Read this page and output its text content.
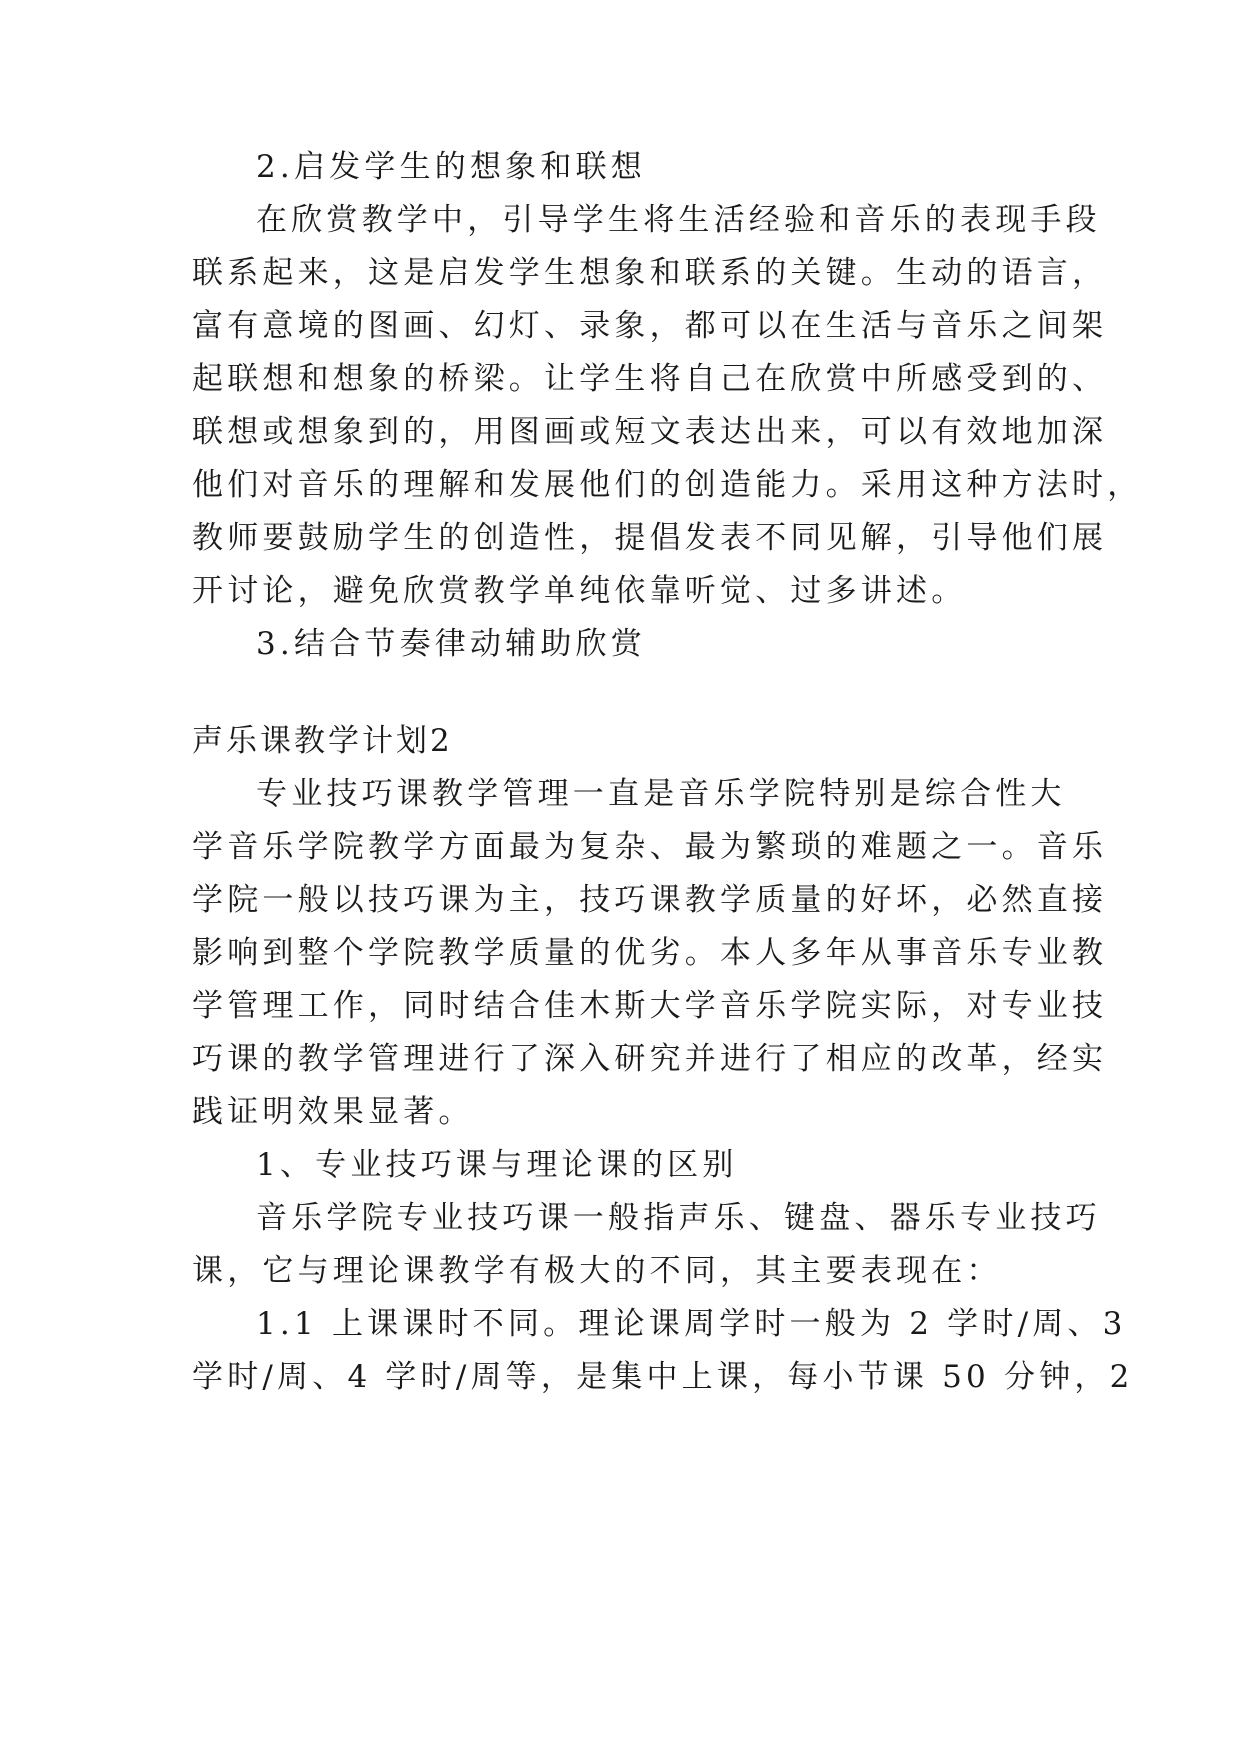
2.启发学生的想象和联想
在欣赏教学中，引导学生将生活经验和音乐的表现手段
联系起来，这是启发学生想象和联系的关键。生动的语言，
富有意境的图画、幻灯、录象，都可以在生活与音乐之间架
起联想和想象的桥梁。让学生将自己在欣赏中所感受到的、
联想或想象到的，用图画或短文表达出来，可以有效地加深
他们对音乐的理解和发展他们的创造能力。采用这种方法时，
教师要鼓励学生的创造性，提倡发表不同见解，引导他们展
开讨论，避免欣赏教学单纯依靠听觉、过多讲述。
3.结合节奏律动辅助欣赏
声乐课教学计划2
专业技巧课教学管理一直是音乐学院特别是综合性大
学音乐学院教学方面最为复杂、最为繁琐的难题之一。音乐
学院一般以技巧课为主，技巧课教学质量的好坏，必然直接
影响到整个学院教学质量的优劣。本人多年从事音乐专业教
学管理工作，同时结合佳木斯大学音乐学院实际，对专业技
巧课的教学管理进行了深入研究并进行了相应的改革，经实
践证明效果显著。
1、专业技巧课与理论课的区别
音乐学院专业技巧课一般指声乐、键盘、器乐专业技巧
课，它与理论课教学有极大的不同，其主要表现在：
1.1 上课课时不同。理论课周学时一般为 2 学时/周、3
学时/周、4 学时/周等，是集中上课，每小节课 50 分钟，2
